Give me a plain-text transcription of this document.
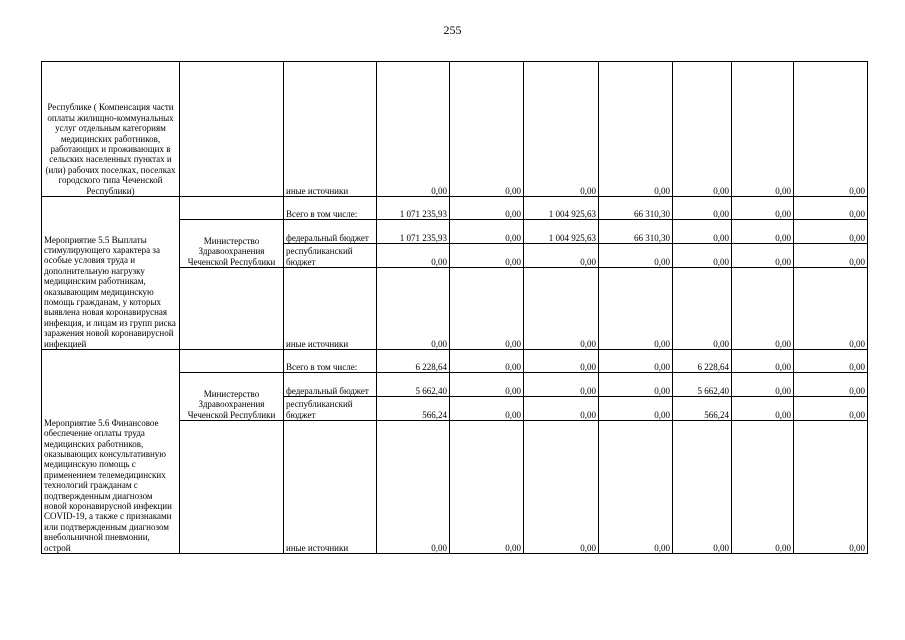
255
Республике ( Компенсация части оплаты жилищно-коммунальных услуг отдельным категориям медицинских работников, работающих и проживающих в сельских населенных пунктах и (или) рабочих поселках, поселках городского типа Чеченской Республики)		иные источники	0,00	0,00	0,00	0,00	0,00	0,00	0,00
Мероприятие 5.5 Выплаты стимулирующего характера за особые условия труда и дополнительную нагрузку медицинским работникам, оказывающим медицинскую помощь гражданам, у которых выявлена новая коронавирусная инфекция, и лицам из групп риска заражения новой коронавирусной инфекцией		Всего в том числе:	1 071 235,93	0,00	1 004 925,63	66 310,30	0,00	0,00	0,00
	Министерство Здравоохранения Чеченской Республики	федеральный бюджет	1 071 235,93	0,00	1 004 925,63	66 310,30	0,00	0,00	0,00
		республиканский бюджет	0,00	0,00	0,00	0,00	0,00	0,00	0,00
		иные источники	0,00	0,00	0,00	0,00	0,00	0,00	0,00
Мероприятие 5.6 Финансовое обеспечение оплаты труда медицинских работников, оказывающих консультативную медицинскую помощь с применением телемедицинских технологий гражданам с подтвержденным диагнозом новой коронавирусной инфекции COVID-19, а также с признаками или подтвержденным диагнозом внебольничной пневмонии, острой		Всего в том числе:	6 228,64	0,00	0,00	0,00	6 228,64	0,00	0,00
	Министерство Здравоохранения Чеченской Республики	федеральный бюджет	5 662,40	0,00	0,00	0,00	5 662,40	0,00	0,00
		республиканский бюджет	566,24	0,00	0,00	0,00	566,24	0,00	0,00
		иные источники	0,00	0,00	0,00	0,00	0,00	0,00	0,00
